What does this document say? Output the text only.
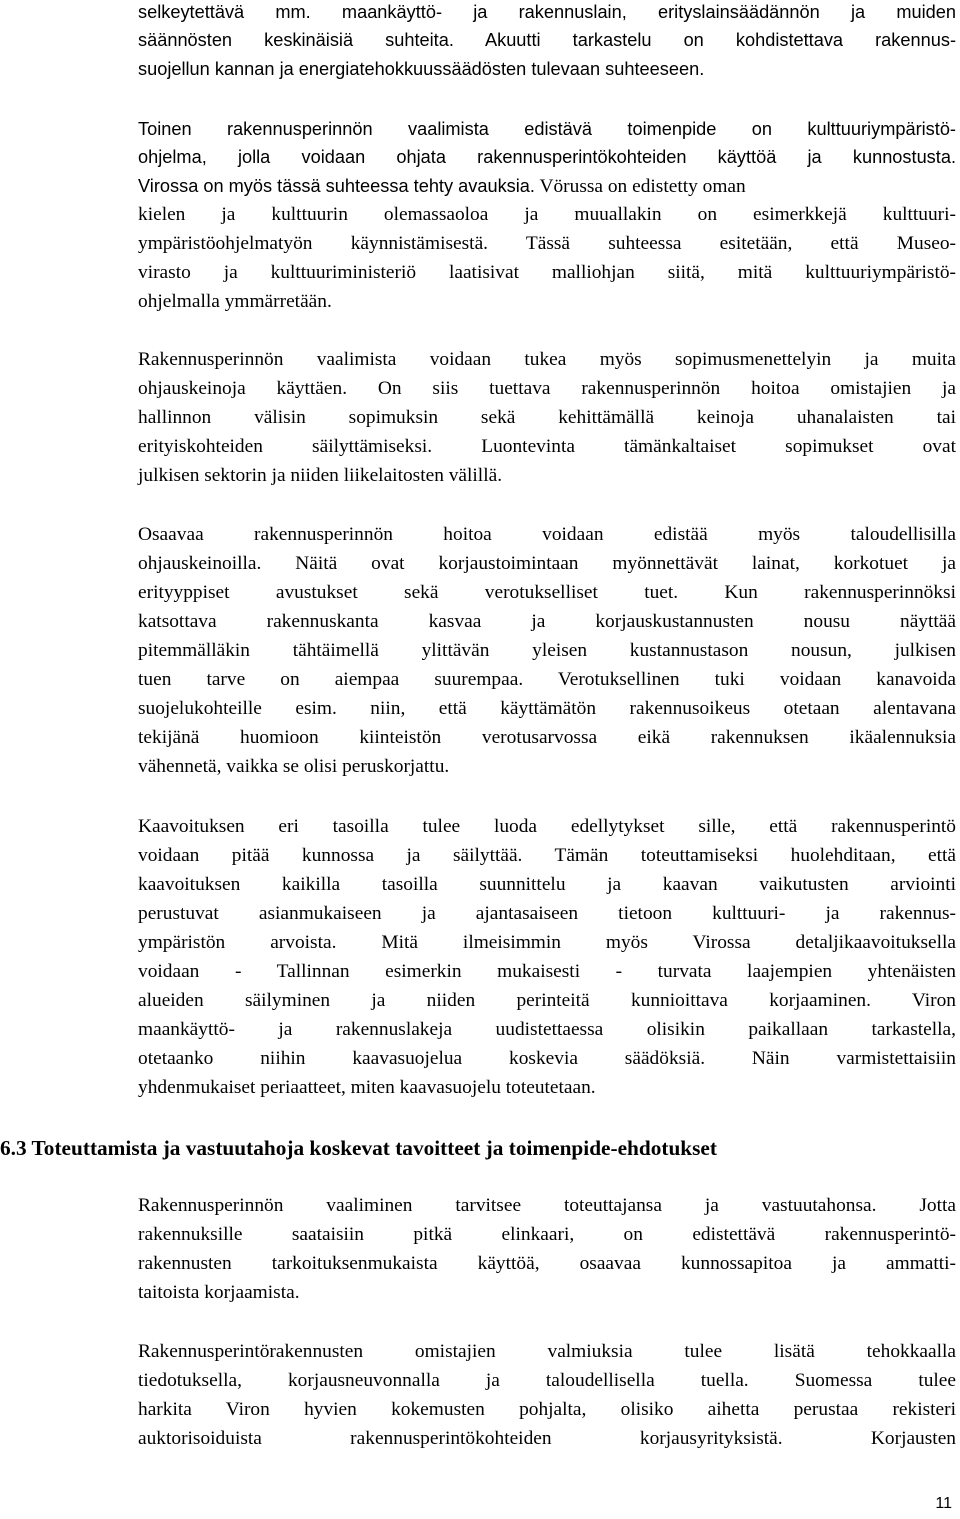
selkeytettävä mm. maankäyttö- ja rakennuslain, erityslainsäädännön ja muiden
säännösten keskinäisiä suhteita. Akuutti tarkastelu on kohdistettava rakennus-
suojellun kannan ja energiatehokkuussäädösten tulevaan suhteeseen.
Toinen rakennusperinnön vaalimista edistävä toimenpide on kulttuuriympäristö-
ohjelma, jolla voidaan ohjata rakennusperintökohteiden käyttöä ja kunnostusta.
Virossa on myös tässä suhteessa tehty avauksia. Vörussa on edistetty oman
kielen ja kulttuurin olemassaoloa ja muuallakin on esimerkkejä kulttuuri-
ympäristöohjelmatyön käynnistämisestä. Tässä suhteessa esitetään, että Museo-
virasto ja kulttuuriministeriö laatisivat malliohjan siitä, mitä kulttuuriympäristö-
ohjelmalla ymmärretään.
Rakennusperinnön vaalimista voidaan tukea myös sopimusmenettelyin ja muita
ohjauskeinoja käyttäen. On siis tuettava rakennusperinnön hoitoa omistajien ja
hallinnon välisin sopimuksin sekä kehittämällä keinoja uhanalaisten tai
erityiskohteiden säilyttämiseksi. Luontevinta tämänkaltaiset sopimukset ovat
julkisen sektorin ja niiden liikelaitosten välillä.
Osaavaa rakennusperinnön hoitoa voidaan edistää myös taloudellisilla
ohjauskeinoilla. Näitä ovat korjaustoimintaan myönnettävät lainat, korkotuet ja
erityyppiset avustukset sekä verotukselliset tuet. Kun rakennusperinnöksi
katsottava rakennuskanta kasvaa ja korjauskustannusten nousu näyttää
pitemmälläkin tähtäimellä ylittävän yleisen kustannustason nousun, julkisen
tuen tarve on aiempaa suurempaa. Verotuksellinen tuki voidaan kanavoida
suojelukohteille esim. niin, että käyttämätön rakennusoikeus otetaan alentavana
tekijänä huomioon kiinteistön verotusarvossa eikä rakennuksen ikäalennuksia
vähennetä, vaikka se olisi peruskorjattu.
Kaavoituksen eri tasoilla tulee luoda edellytykset sille, että rakennusperintö
voidaan pitää kunnossa ja säilyttää. Tämän toteuttamiseksi huolehditaan, että
kaavoituksen kaikilla tasoilla suunnittelu ja kaavan vaikutusten arviointi
perustuvat asianmukaiseen ja ajantasaiseen tietoon kulttuuri- ja rakennus-
ympäristön arvoista. Mitä ilmeisimmin myös Virossa detaljikaavoituksella
voidaan - Tallinnan esimerkin mukaisesti - turvata laajempien yhtenäisten
alueiden säilyminen ja niiden perinteitä kunnioittava korjaaminen. Viron
maankäyttö- ja rakennuslakeja uudistettaessa olisikin paikallaan tarkastella,
otetaanko niihin kaavasuojelua koskevia säädöksiä. Näin varmistettaisiin
yhdenmukaiset periaatteet, miten kaavasuojelu toteutetaan.
6.3 Toteuttamista ja vastuutahoja koskevat tavoitteet ja toimenpide-ehdotukset
Rakennusperinnön vaaliminen tarvitsee toteuttajansa ja vastuutahonsa. Jotta
rakennuksille saataisiin pitkä elinkaari, on edistettävä rakennusperintö-
rakennusten tarkoituksenmukaista käyttöä, osaavaa kunnossapitoa ja ammatti-
taitoista korjaamista.
Rakennusperintörakennusten omistajien valmiuksia tulee lisätä tehokkaalla
tiedotuksella, korjausneuvonnalla ja taloudellisella tuella. Suomessa tulee
harkita Viron hyvien kokemusten pohjalta, olisiko aihetta perustaa rekisteri
auktorisoiduista rakennusperintökohteiden korjausyrityksistä. Korjausten
11
